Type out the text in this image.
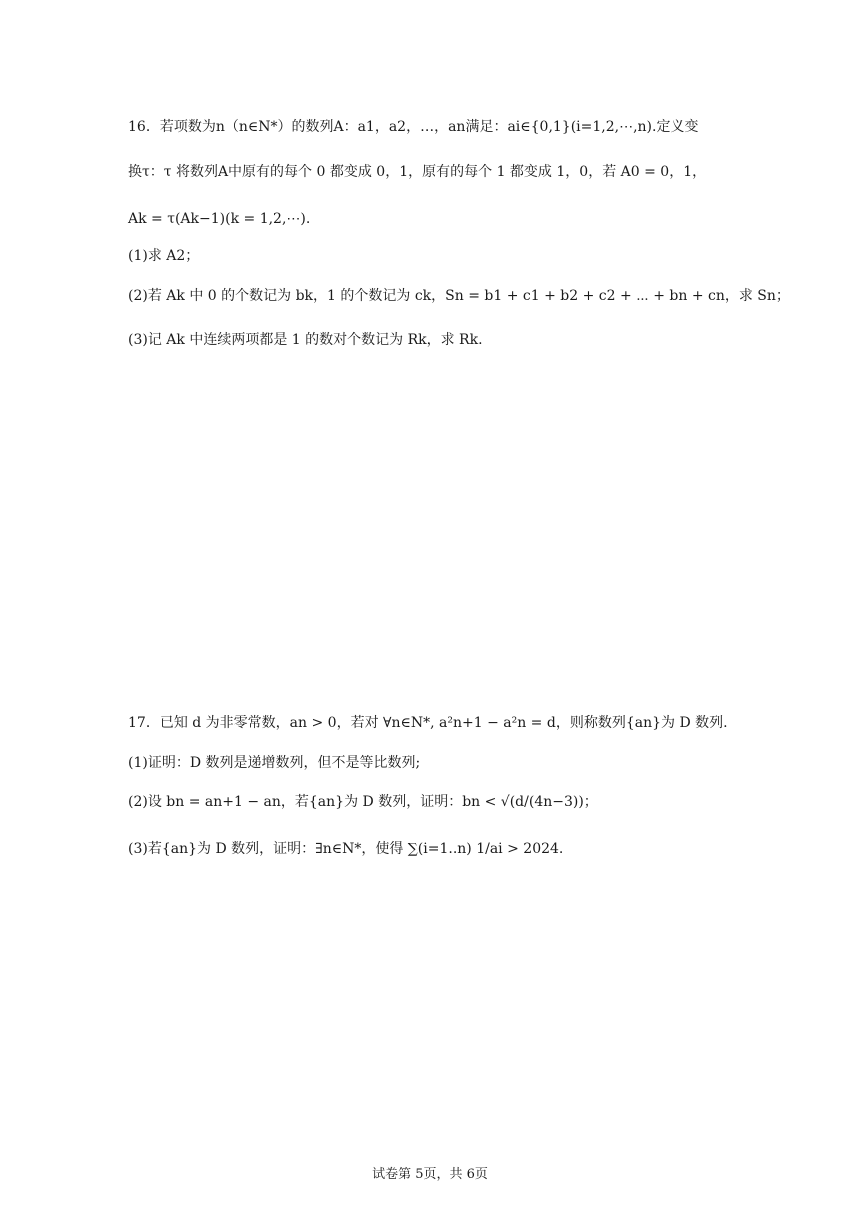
16．若项数为n（n∈N*）的数列A：a1，a2，…，an满足：ai∈{0,1}(i=1,2,⋯,n).定义变
换τ：τ 将数列A中原有的每个 0 都变成 0，1，原有的每个 1 都变成 1，0，若 A0 = 0，1，
Ak = τ(Ak−1)(k = 1,2,⋯).
(1)求 A2；
(2)若 Ak 中 0 的个数记为 bk，1 的个数记为 ck，Sn = b1 + c1 + b2 + c2 + ⋯ + bn + cn，求 Sn；
(3)记 Ak 中连续两项都是 1 的数对个数记为 Rk，求 Rk.
17．已知 d 为非零常数，an > 0，若对 ∀n∈N*, a²n+1 − a²n = d，则称数列{an}为 D 数列.
(1)证明：D 数列是递增数列，但不是等比数列;
(2)设 bn = an+1 − an，若{an}为 D 数列，证明：bn < √(d/(4n−3))；
(3)若{an}为 D 数列，证明：∃n∈N*，使得 ∑(i=1..n) 1/ai > 2024.
试卷第 5页，共 6页
